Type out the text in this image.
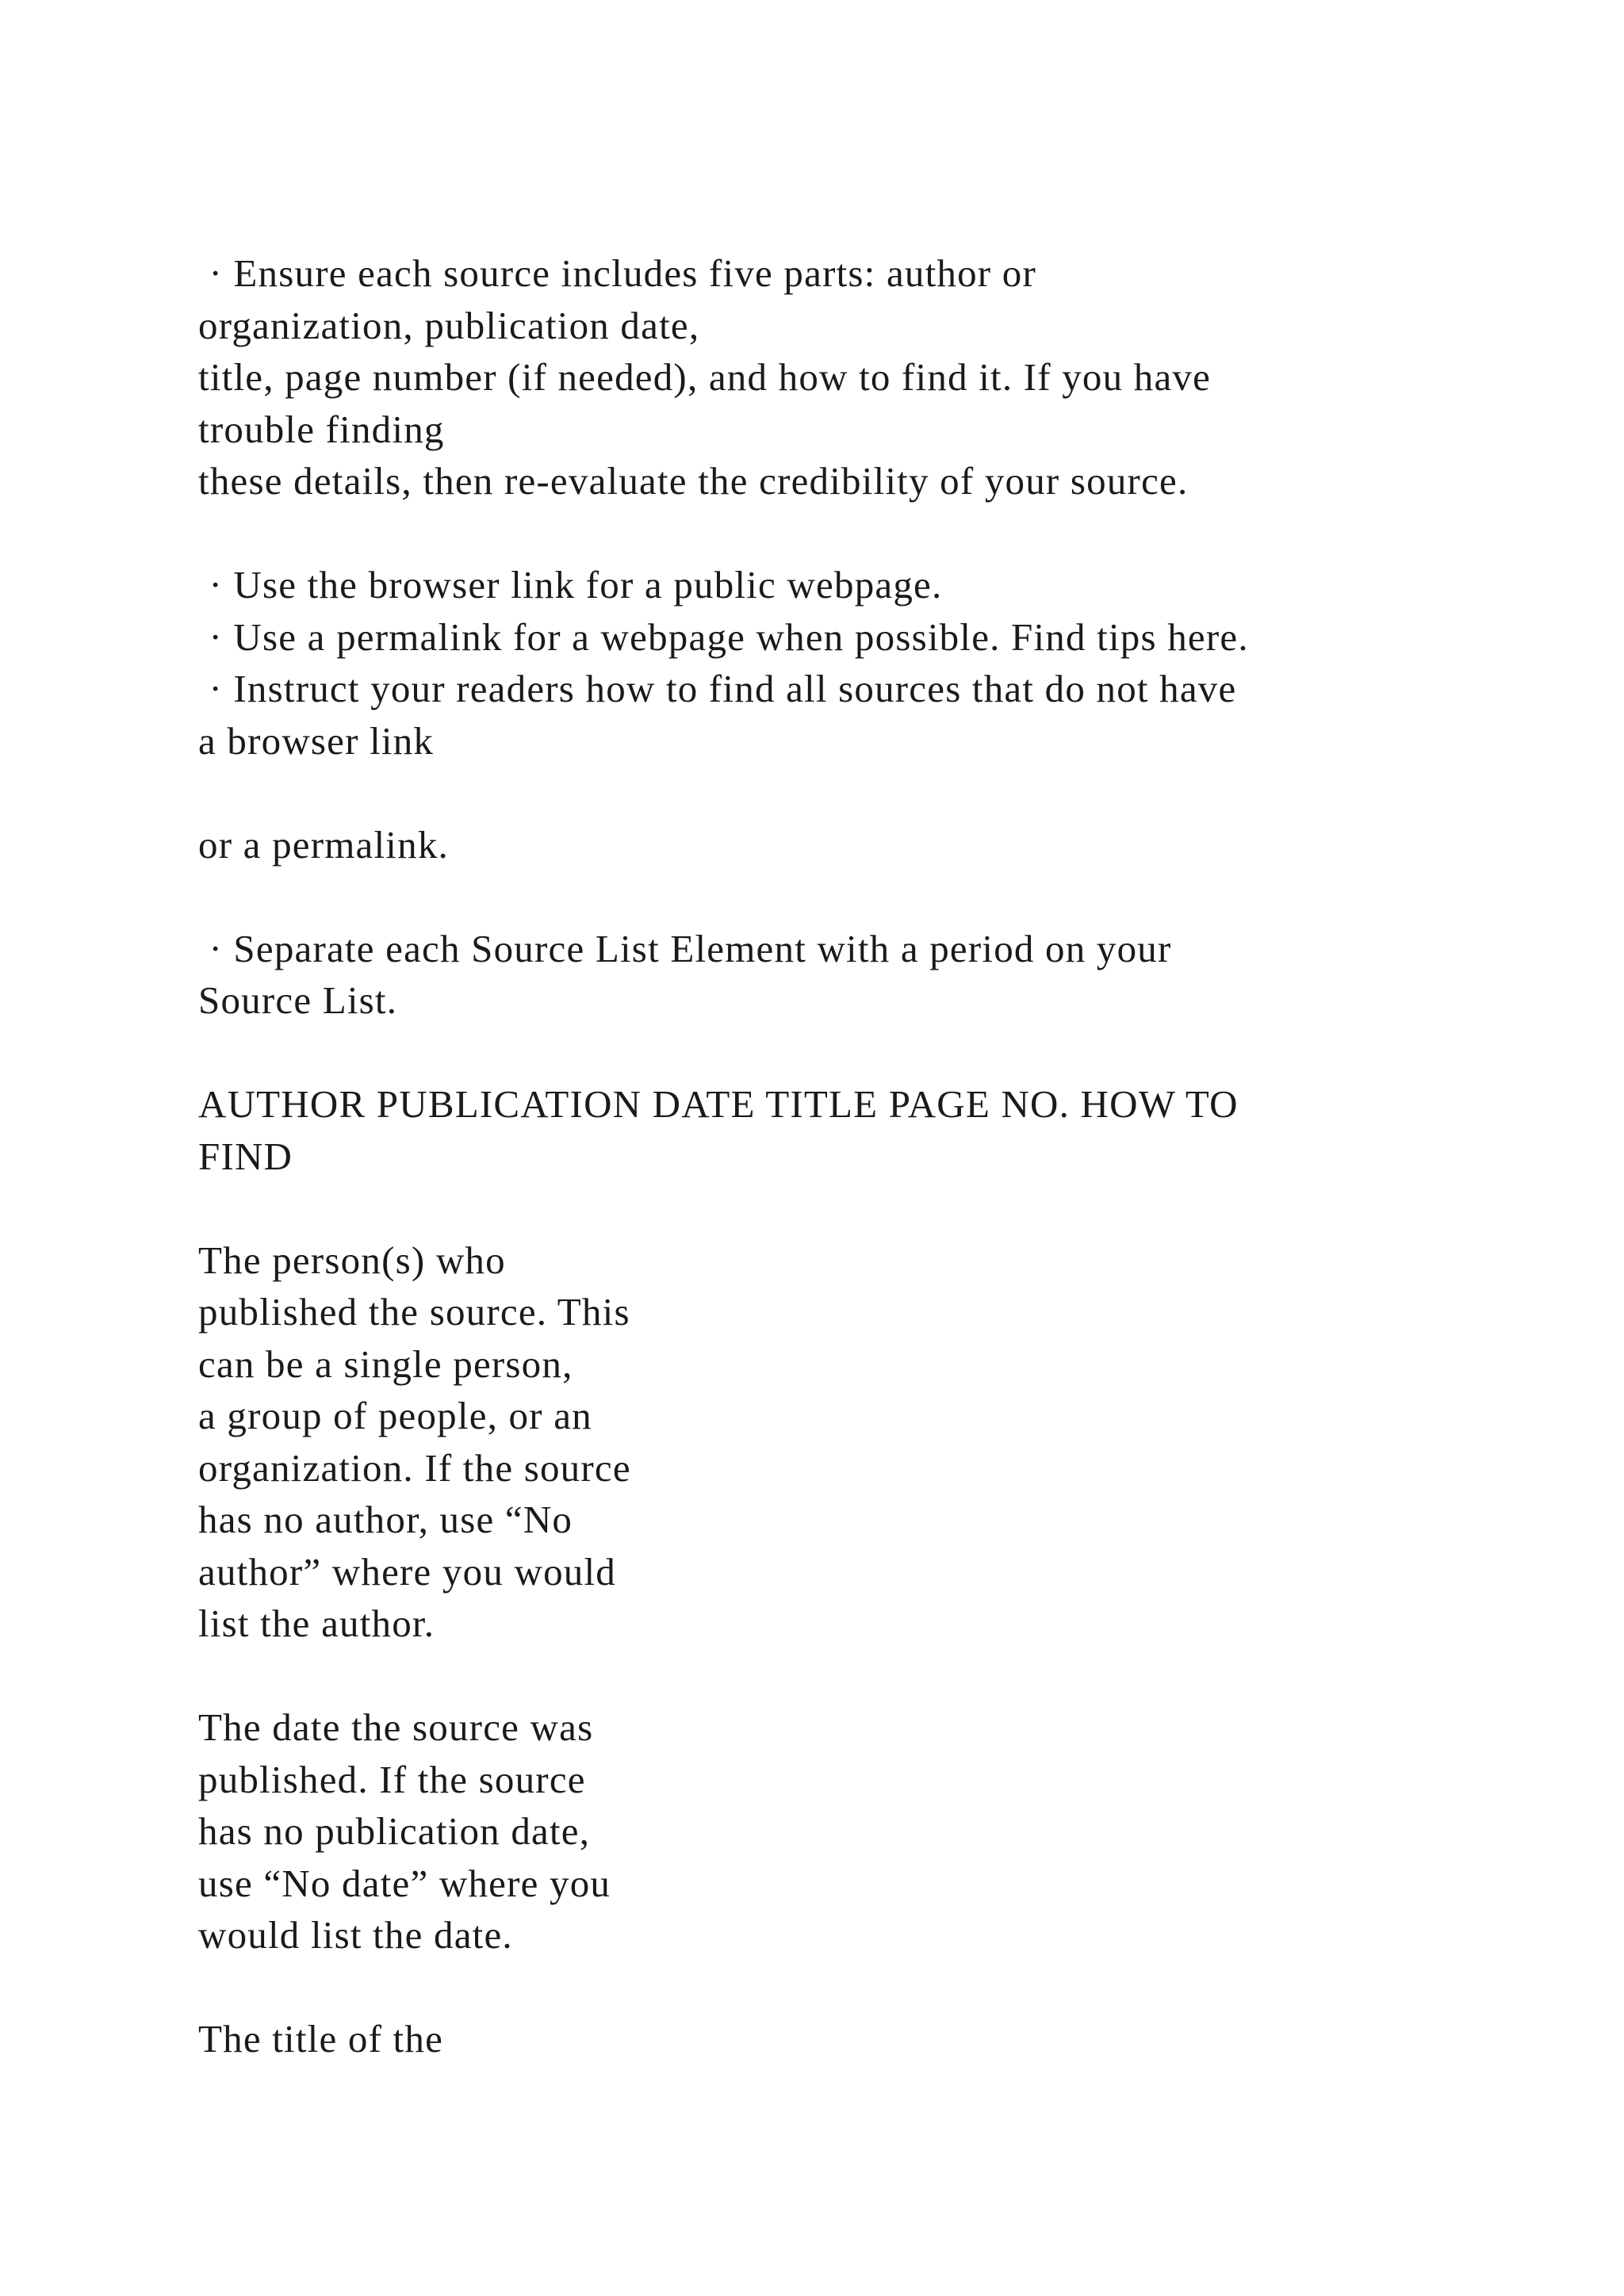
· Ensure each source includes five parts: author or
organization, publication date,
title, page number (if needed), and how to find it. If you have
trouble finding
these details, then re-evaluate the credibility of your source.
· Use the browser link for a public webpage.
· Use a permalink for a webpage when possible. Find tips here.
· Instruct your readers how to find all sources that do not have
a browser link
or a permalink.
· Separate each Source List Element with a period on your
Source List.
AUTHOR PUBLICATION DATE TITLE PAGE NO. HOW TO
FIND
The person(s) who
published the source. This
can be a single person,
a group of people, or an
organization. If the source
has no author, use “No
author” where you would
list the author.
The date the source was
published. If the source
has no publication date,
use “No date” where you
would list the date.
The title of the
